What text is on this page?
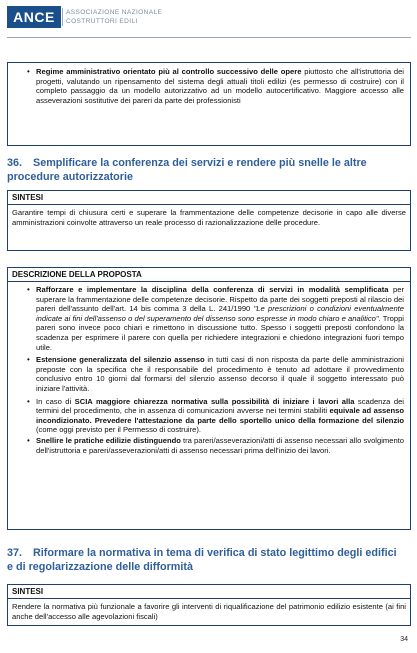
ANCE	ASSOCIAZIONE NAZIONALE
COSTRUTTORI EDILI
• Regime amministrativo orientato più al controllo successivo delle opere piuttosto che all'istruttoria dei progetti, valutando un ripensamento del sistema degli attuali titoli edilizi (es permesso di costruire) con il completo passaggio da un modello autorizzativo ad un modello autocertificativo. Maggiore accesso alle asseverazioni sostitutive dei pareri da parte dei professionisti
36. Semplificare la conferenza dei servizi e rendere più snelle le altre
procedure autorizzatorie
SINTESI
Garantire tempi di chiusura certi e superare la frammentazione delle competenze decisorie in capo alle diverse amministrazioni coinvolte attraverso un reale processo di razionalizzazione delle procedure.
DESCRIZIONE DELLA PROPOSTA
• Rafforzare e implementare la disciplina della conferenza di servizi in modalità semplificata per superare la frammentazione delle competenze decisorie. Rispetto da parte dei soggetti preposti al rilascio dei pareri dell'assunto dell'art. 14 bis comma 3 della L. 241/1990 "Le prescrizioni o condizioni eventualmente indicate ai fini dell'assenso o del superamento del dissenso sono espresse in modo chiaro e analitico". Troppi pareri sono invece poco chiari e rimettono in discussione tutto. Spesso i soggetti preposti confondono la scadenza per esprimere il parere con quella per richiedere integrazioni e chiedono integrazioni fuori tempo utile.
• Estensione generalizzata del silenzio assenso in tutti casi di non risposta da parte delle amministrazioni preposte con la specifica che il responsabile del procedimento è tenuto ad adottare il provvedimento conclusivo entro 10 giorni dal formarsi del silenzio assenso decorso il quale il soggetto interessato può iniziare l'attività.
• In caso di SCIA maggiore chiarezza normativa sulla possibilità di iniziare i lavori alla scadenza dei termini del procedimento, che in assenza di comunicazioni avverse nei termini stabiliti equivale ad assenso incondizionato. Prevedere l'attestazione da parte dello sportello unico della formazione del silenzio (come oggi previsto per il Permesso di costruire).
• Snellire le pratiche edilizie distinguendo tra pareri/asseverazioni/atti di assenso necessari allo svolgimento dell'istruttoria e pareri/asseverazioni/atti di assenso necessari prima dell'inizio dei lavori.
37. Riformare la normativa in tema di verifica di stato legittimo degli edifici
e di regolarizzazione delle difformità
SINTESI
Rendere la normativa più funzionale a favorire gli interventi di riqualificazione del patrimonio edilizio esistente (ai fini anche dell'accesso alle agevolazioni fiscali)
34
